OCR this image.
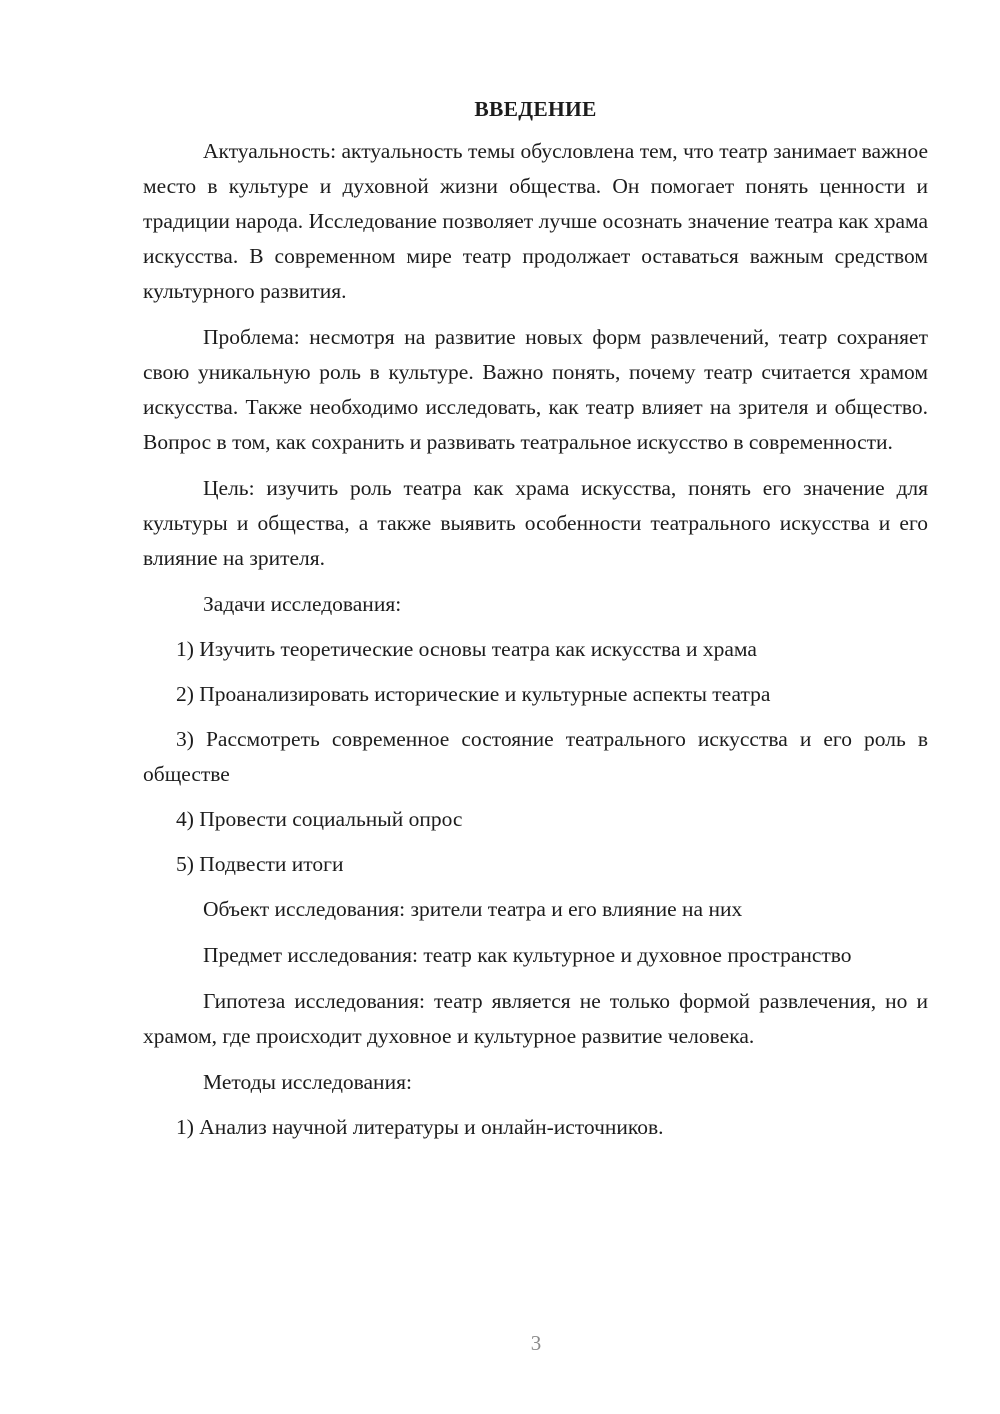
ВВЕДЕНИЕ

Актуальность: актуальность темы обусловлена тем, что театр занимает важное место в культуре и духовной жизни общества. Он помогает понять ценности и традиции народа. Исследование позволяет лучше осознать значение театра как храма искусства. В современном мире театр продолжает оставаться важным средством культурного развития.

Проблема: несмотря на развитие новых форм развлечений, театр сохраняет свою уникальную роль в культуре. Важно понять, почему театр считается храмом искусства. Также необходимо исследовать, как театр влияет на зрителя и общество. Вопрос в том, как сохранить и развивать театральное искусство в современности.

Цель: изучить роль театра как храма искусства, понять его значение для культуры и общества, а также выявить особенности театрального искусства и его влияние на зрителя.

Задачи исследования:

1) Изучить теоретические основы театра как искусства и храма

2) Проанализировать исторические и культурные аспекты театра

3) Рассмотреть современное состояние театрального искусства и его роль в обществе

4) Провести социальный опрос

5) Подвести итоги

Объект исследования: зрители театра и его влияние на них

Предмет исследования: театр как культурное и духовное пространство

Гипотеза исследования: театр является не только формой развлечения, но и храмом, где происходит духовное и культурное развитие человека.

Методы исследования:

1) Анализ научной литературы и онлайн-источников.

3
